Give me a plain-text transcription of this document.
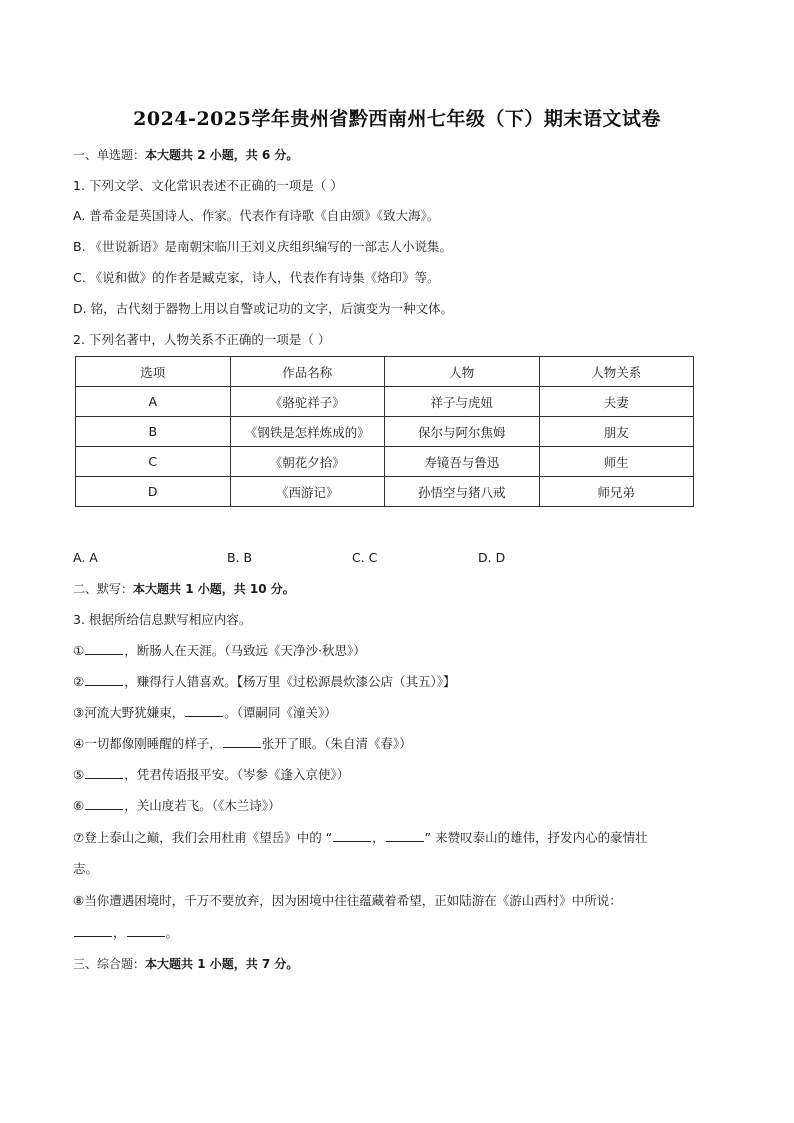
2024-2025学年贵州省黔西南州七年级（下）期末语文试卷
一、单选题：本大题共 2 小题，共 6 分。
1. 下列文学、文化常识表述不正确的一项是（ ）
A. 普希金是英国诗人、作家。代表作有诗歌《自由颂》《致大海》。
B. 《世说新语》是南朝宋临川王刘义庆组织编写的一部志人小说集。
C. 《说和做》的作者是臧克家，诗人，代表作有诗集《烙印》等。
D. 铭，古代刻于器物上用以自警或记功的文字，后演变为一种文体。
2. 下列名著中，人物关系不正确的一项是（ ）
选项	作品名称	人物	人物关系
A	《骆驼祥子》	祥子与虎妞	夫妻
B	《钢铁是怎样炼成的》	保尔与阿尔焦姆	朋友
C	《朝花夕拾》	寿镜吾与鲁迅	师生
D	《西游记》	孙悟空与猪八戒	师兄弟
A. A	B. B	C. C	D. D
二、默写：本大题共 1 小题，共 10 分。
3. 根据所给信息默写相应内容。
①	，断肠人在天涯。（马致远《天净沙·秋思》）
②	，赚得行人错喜欢。【杨万里《过松源晨炊漆公店（其五）》】
③河流大野犹嫌束，	。（谭嗣同《潼关》）
④一切都像刚睡醒的样子，	张开了眼。（朱自清《春》）
⑤	，凭君传语报平安。（岑参《逢入京使》）
⑥	，关山度若飞。（《木兰诗》）
⑦登上泰山之巅，我们会用杜甫《望岳》中的 “	，	” 来赞叹泰山的雄伟，抒发内心的豪情壮
志。
⑧当你遭遇困境时，千万不要放弃，因为困境中往往蕴藏着希望，正如陆游在《游山西村》中所说：
，	。
三、综合题：本大题共 1 小题，共 7 分。
